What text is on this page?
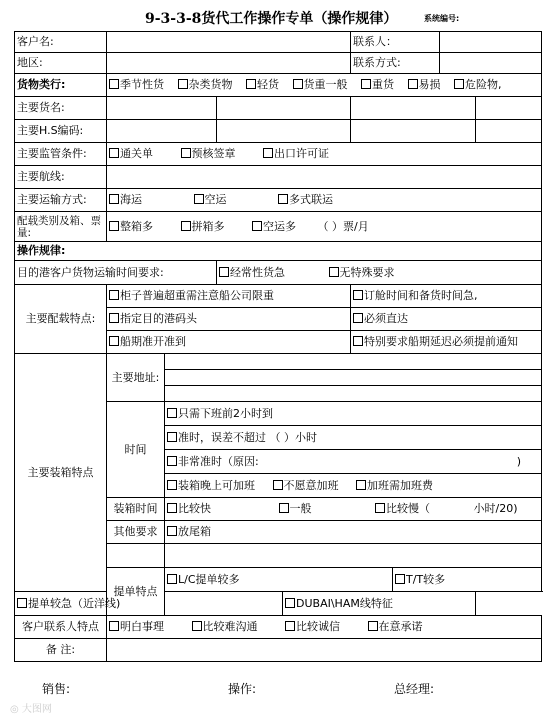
9-3-3-8货代工作操作专单（操作规律）	系统编号:
客户名:					联系人：			
地区:					联系方式:			
货物类行:	季节性货 杂类货物 轻货 货重一般 重货 易损 危险物,							
主要货名:								
主要H.S编码:								
主要监管条件:	通关单 预核签章 出口许可证							
主要航线:								
主要运输方式:	海运 空运 多式联运							
配载类别及箱、票量:	整箱多 拼箱多 空运多 （ ）票/月							
操作规律:								
目的港客户货物运输时间要求:			经常性货急 无特殊要求					
主要配载特点:	柜子普遍超重需注意船公司限重				订舱时间和备货时间急,			
	指定目的港码头				必须直达			
	船期准开准到				特别要求船期延迟必须提前通知			
主要装箱特点	主要地址:							

	时间	只需下班前2小时到						
		准时，误差不超过 （ ）小时						
		非常准时（原因: )						

		装箱晚上可加班 不愿意加班 加班需加班费						
	装箱时间	比较快 一般 比较慢（ 小时/20)						
	其他要求	放尾箱						

	提单特点	L/C提单较多				T/T较多		
提单较急（近洋线)				DUBAI\HAM线特征				
客户联系人特点	明白事理 比较难沟通 比较诚信 在意承诺							
备 注:								
销售:	操作:	总经理:
◎ 大图网
